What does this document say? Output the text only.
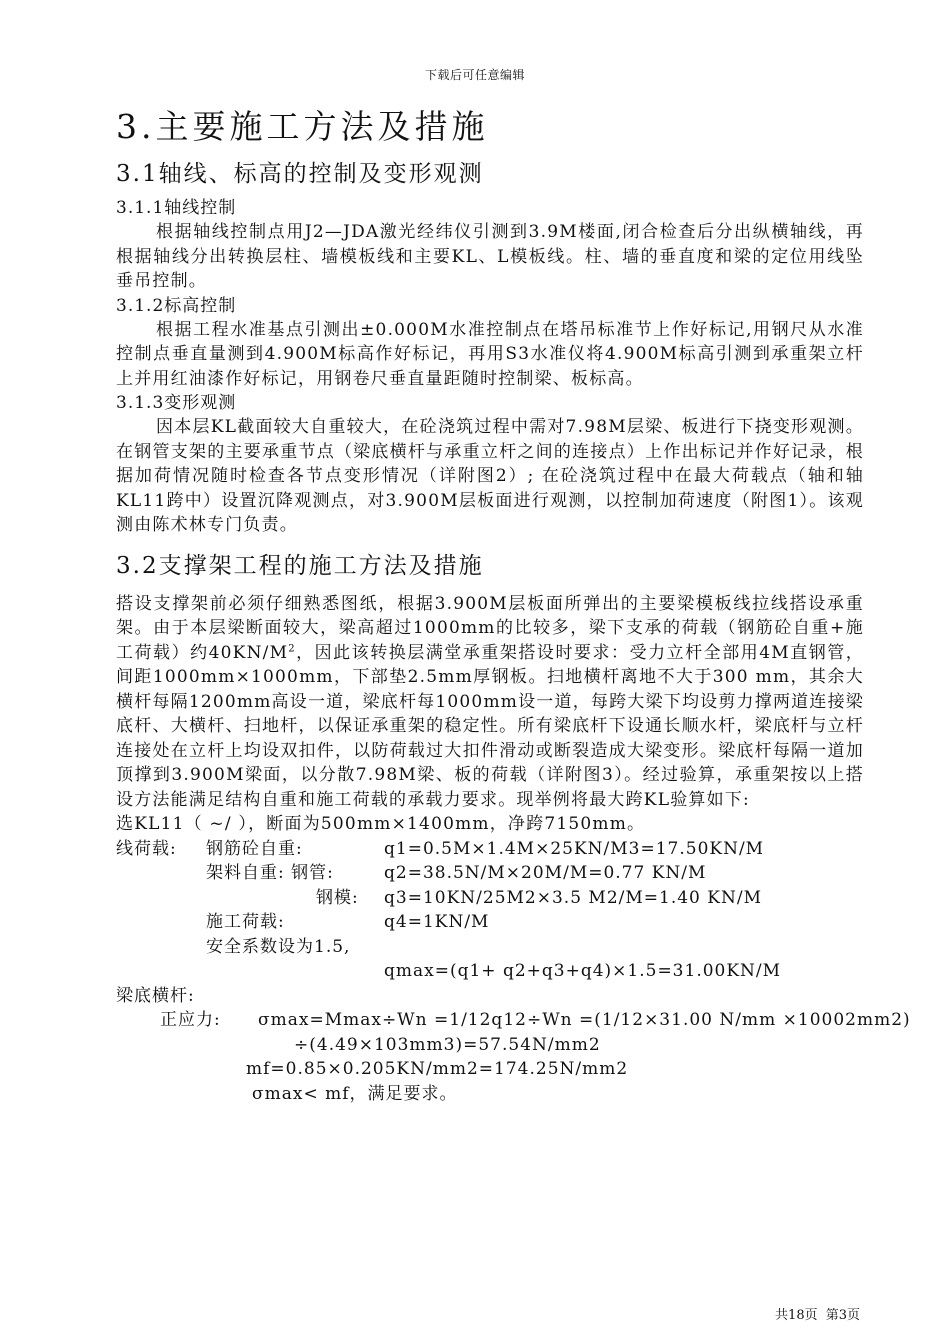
下载后可任意编辑
3.主要施工方法及措施
3.1轴线、标高的控制及变形观测
3.1.1轴线控制

根据轴线控制点用J2—JDA激光经纬仪引测到3.9M楼面,闭合检查后分出纵横轴线，再根据轴线分出转换层柱、墙模板线和主要KL、L模板线。柱、墙的垂直度和梁的定位用线坠垂吊控制。

3.1.2标高控制

根据工程水准基点引测出±0.000M水准控制点在塔吊标准节上作好标记,用钢尺从水准控制点垂直量测到4.900M标高作好标记，再用S3水准仪将4.900M标高引测到承重架立杆上并用红油漆作好标记，用钢卷尺垂直量距随时控制梁、板标高。

3.1.3变形观测

因本层KL截面较大自重较大，在砼浇筑过程中需对7.98M层梁、板进行下挠变形观测。在钢管支架的主要承重节点（梁底横杆与承重立杆之间的连接点）上作出标记并作好记录，根据加荷情况随时检查各节点变形情况（详附图2）; 在砼浇筑过程中在最大荷载点（轴和轴KL11跨中）设置沉降观测点，对3.900M层板面进行观测，以控制加荷速度（附图1）。该观测由陈术林专门负责。

3.2支撑架工程的施工方法及措施

搭设支撑架前必须仔细熟悉图纸，根据3.900M层板面所弹出的主要梁模板线拉线搭设承重架。由于本层梁断面较大，梁高超过1000mm的比较多，梁下支承的荷载（钢筋砼自重+施工荷载）约$40KN/M^2$，因此该转换层满堂承重架搭设时要求：受力立杆全部用4M直钢管，间距1000mm×1000mm，下部垫2.5mm厚钢板。扫地横杆离地不大于300 mm，其余大横杆每隔1200mm高设一道，梁底杆每1000mm设一道，每跨大梁下均设剪力撑两道连接梁底杆、大横杆、扫地杆，以保证承重架的稳定性。所有梁底杆下设通长顺水杆，梁底杆与立杆连接处在立杆上均设双扣件，以防荷载过大扣件滑动或断裂造成大梁变形。梁底杆每隔一道加顶撑到3.900M梁面，以分散7.98M梁、板的荷载（详附图3）。经过验算，承重架按以上搭设方法能满足结构自重和施工荷载的承载力要求。现举例将最大跨KL验算如下:

选KL11（ ~/ ），断面为500mm×1400mm，净跨7150mm。
线荷载: 钢筋砼自重:	q1=0.5M×1.4M×25KN/M3=17.50KN/M
架料自重: 钢管:	q2=38.5N/M×20M/M=0.77 KN/M
钢模: q3=10KN/25M2×3.5 M2/M=1.40 KN/M
施工荷载:	q4=1KN/M
安全系数设为1.5,
qmax=(q1+ q2+q3+q4)×1.5=31.00KN/M
梁底横杆:
正应力: σmax=Mmax÷Wn =1/12q12÷Wn =(1/12×31.00 N/mm ×10002mm2)
÷(4.49×103mm3)=57.54N/mm2
mf=0.85×0.205KN/mm2=174.25N/mm2
σmax< mf，满足要求。
共18页 第3页
